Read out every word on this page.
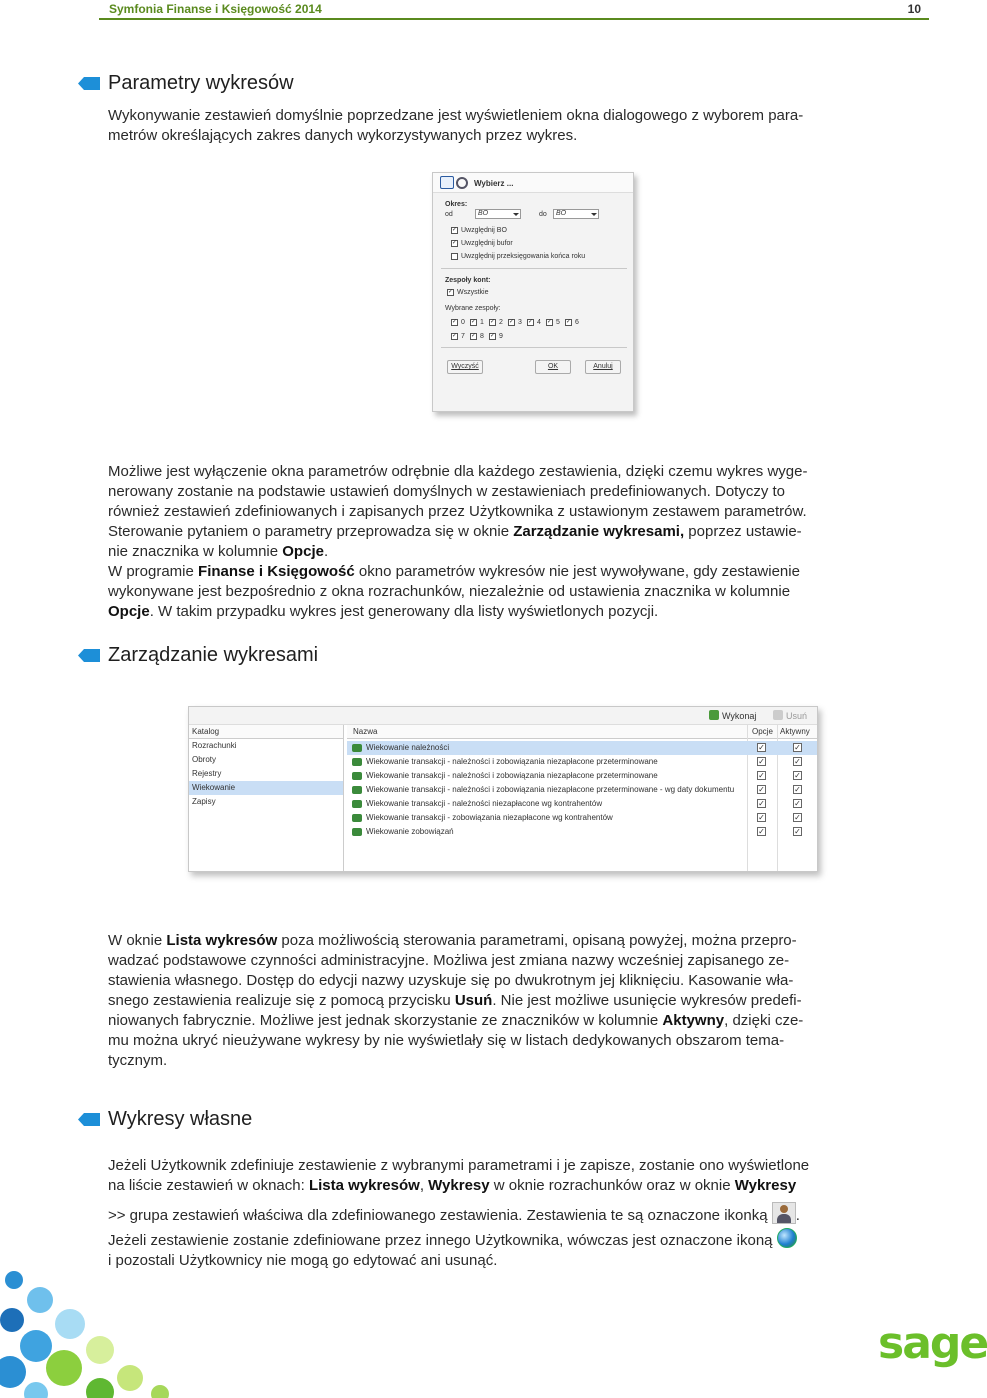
Symfonia Finanse i Księgowość 2014	10
Parametry wykresów
Wykonywanie zestawień domyślnie poprzedzane jest wyświetleniem okna dialogowego z wyborem para-
metrów określających zakres danych wykorzystywanych przez wykres.
Wybierz ...
Okres:
od	BO	do	BO
✓ Uwzględnij BO
✓ Uwzględnij bufor
Uwzględnij przeksięgowania końca roku
Zespoły kont:
✓ Wszystkie
Wybrane zespoły:
✓ 0 ✓ 1 ✓ 2 ✓ 3 ✓ 4 ✓ 5 ✓ 6
✓ 7 ✓ 8 ✓ 9
Wyczyść	OK	Anuluj
Możliwe jest wyłączenie okna parametrów odrębnie dla każdego zestawienia, dzięki czemu wykres wyge-
nerowany zostanie na podstawie ustawień domyślnych w zestawieniach predefiniowanych. Dotyczy to
również zestawień zdefiniowanych i zapisanych przez Użytkownika z ustawionym zestawem parametrów.
Sterowanie pytaniem o parametry przeprowadza się w oknie Zarządzanie wykresami, poprzez ustawie-
nie znacznika w kolumnie Opcje.
W programie Finanse i Księgowość okno parametrów wykresów nie jest wywoływane, gdy zestawienie
wykonywane jest bezpośrednio z okna rozrachunków, niezależnie od ustawienia znacznika w kolumnie
Opcje. W takim przypadku wykres jest generowany dla listy wyświetlonych pozycji.
Zarządzanie wykresami
Wykonaj	Usuń
Katalog
Rozrachunki
Obroty
Rejestry
Wiekowanie
Zapisy
Nazwa	Opcje Aktywny
Wiekowanie należności	✓	✓
Wiekowanie transakcji - należności i zobowiązania niezapłacone przeterminowane	✓	✓
Wiekowanie transakcji - należności i zobowiązania niezapłacone przeterminowane	✓	✓
Wiekowanie transakcji - należności i zobowiązania niezapłacone przeterminowane - wg daty dokumentu	✓	✓
Wiekowanie transakcji - należności niezapłacone wg kontrahentów	✓	✓
Wiekowanie transakcji - zobowiązania niezapłacone wg kontrahentów	✓	✓
Wiekowanie zobowiązań	✓	✓
W oknie Lista wykresów poza możliwością sterowania parametrami, opisaną powyżej, można przepro-
wadzać podstawowe czynności administracyjne. Możliwa jest zmiana nazwy wcześniej zapisanego ze-
stawienia własnego. Dostęp do edycji nazwy uzyskuje się po dwukrotnym jej kliknięciu. Kasowanie wła-
snego zestawienia realizuje się z pomocą przycisku Usuń. Nie jest możliwe usunięcie wykresów predefi-
niowanych fabrycznie. Możliwe jest jednak skorzystanie ze znaczników w kolumnie Aktywny, dzięki cze-
mu można ukryć nieużywane wykresy by nie wyświetlały się w listach dedykowanych obszarom tema-
tycznym.
Wykresy własne
Jeżeli Użytkownik zdefiniuje zestawienie z wybranymi parametrami i je zapisze, zostanie ono wyświetlone
na liście zestawień w oknach: Lista wykresów, Wykresy w oknie rozrachunków oraz w oknie Wykresy
>> grupa zestawień właściwa dla zdefiniowanego zestawienia. Zestawienia te są oznaczone ikonką .
Jeżeli zestawienie zostanie zdefiniowane przez innego Użytkownika, wówczas jest oznaczone ikoną
i pozostali Użytkownicy nie mogą go edytować ani usunąć.
sage
